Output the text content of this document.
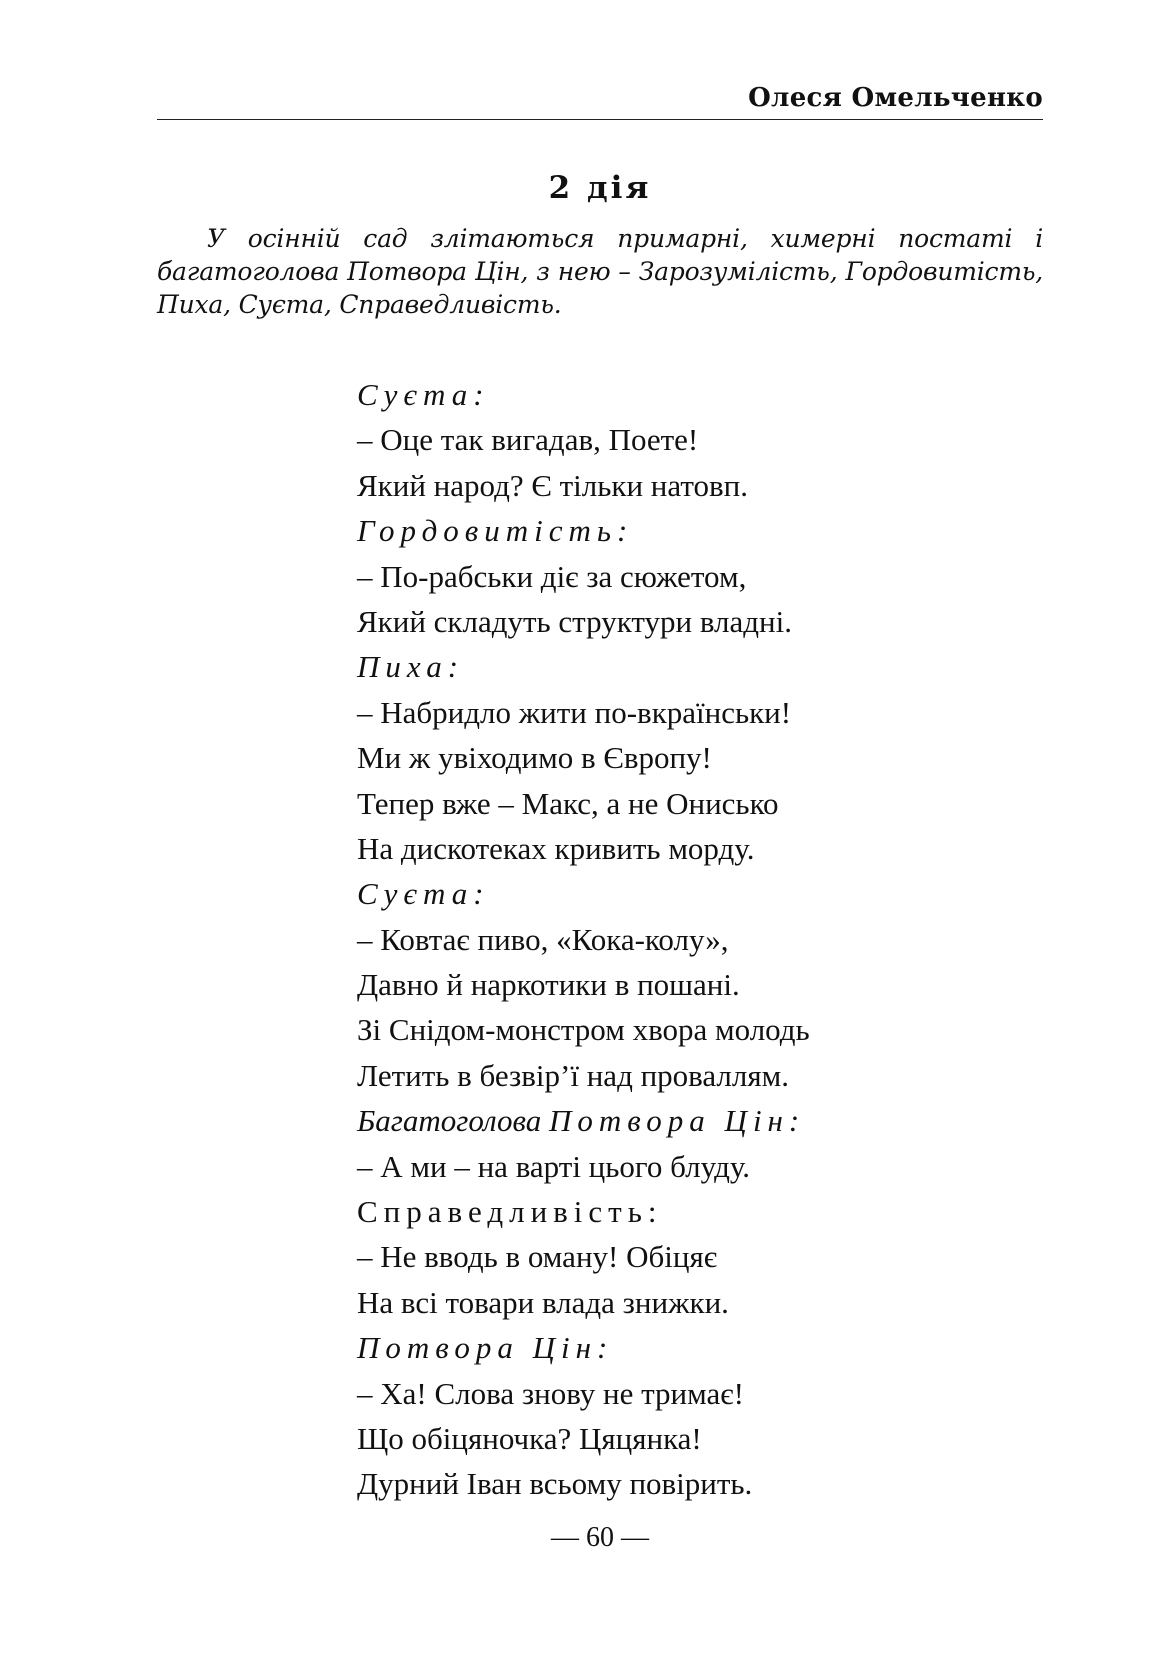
Олеся Омельченко
2 дія
У осінній сад злітаються примарні, химерні постаті і багатоголова Потвора Цін, з нею – Зарозумілість, Гордовитість, Пиха, Суєта, Справедливість.
Суєта:
– Оце так вигадав, Поете!
Який народ? Є тільки натовп.
Гордовитість:
– По-рабськи діє за сюжетом,
Який складуть структури владні.
Пиха:
– Набридло жити по-вкраїнськи!
Ми ж увіходимо в Європу!
Тепер вже – Макс, а не Онисько
На дискотеках кривить морду.
Суєта:
– Ковтає пиво, «Кока-колу»,
Давно й наркотики в пошані.
Зі Снідом-монстром хвора молодь
Летить в безвір’ї над проваллям.
Багатоголова Потвора Цін:
– А ми – на варті цього блуду.
Справедливість:
– Не вводь в оману! Обіцяє
На всі товари влада знижки.
Потвора Цін:
– Ха! Слова знову не тримає!
Що обіцяночка? Цяцянка!
Дурний Іван всьому повірить.
— 60 —
